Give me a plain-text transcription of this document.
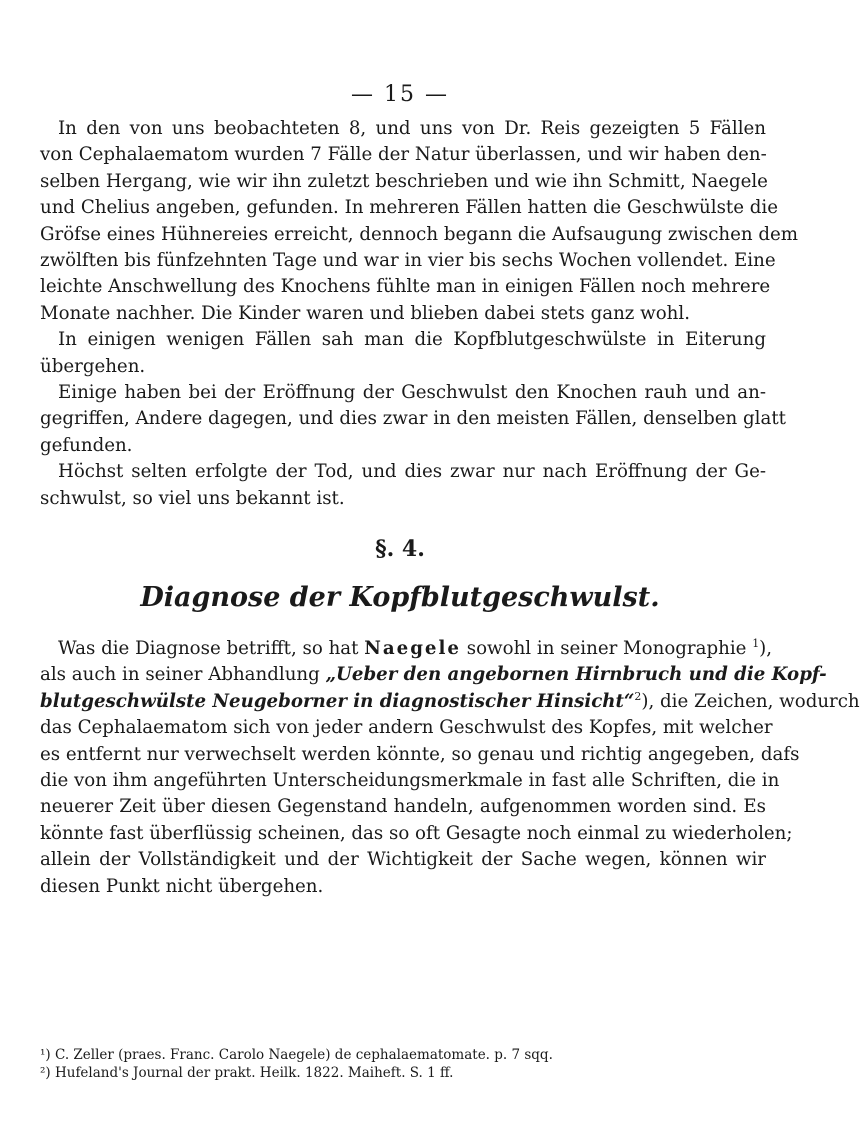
— 15 —
In den von uns beobachteten 8, und uns von Dr. Reis gezeigten 5 Fällen
von Cephalaematom wurden 7 Fälle der Natur überlassen, und wir haben den-
selben Hergang, wie wir ihn zuletzt beschrieben und wie ihn Schmitt, Naegele
und Chelius angeben, gefunden. In mehreren Fällen hatten die Geschwülste die
Gröfse eines Hühnereies erreicht, dennoch begann die Aufsaugung zwischen dem
zwölften bis fünfzehnten Tage und war in vier bis sechs Wochen vollendet. Eine
leichte Anschwellung des Knochens fühlte man in einigen Fällen noch mehrere
Monate nachher. Die Kinder waren und blieben dabei stets ganz wohl.
In einigen wenigen Fällen sah man die Kopfblutgeschwülste in Eiterung
übergehen.
Einige haben bei der Eröffnung der Geschwulst den Knochen rauh und an-
gegriffen, Andere dagegen, und dies zwar in den meisten Fällen, denselben glatt
gefunden.
Höchst selten erfolgte der Tod, und dies zwar nur nach Eröffnung der Ge-
schwulst, so viel uns bekannt ist.
§. 4.
Diagnose der Kopfblutgeschwulst.
Was die Diagnose betrifft, so hat Naegele sowohl in seiner Monographie $^1$),
als auch in seiner Abhandlung „Ueber den angebornen Hirnbruch und die Kopf-
blutgeschwülste Neugeborner in diagnostischer Hinsicht“$^2$), die Zeichen, wodurch
das Cephalaematom sich von jeder andern Geschwulst des Kopfes, mit welcher
es entfernt nur verwechselt werden könnte, so genau und richtig angegeben, dafs
die von ihm angeführten Unterscheidungsmerkmale in fast alle Schriften, die in
neuerer Zeit über diesen Gegenstand handeln, aufgenommen worden sind. Es
könnte fast überflüssig scheinen, das so oft Gesagte noch einmal zu wiederholen;
allein der Vollständigkeit und der Wichtigkeit der Sache wegen, können wir
diesen Punkt nicht übergehen.
¹) C. Zeller (praes. Franc. Carolo Naegele) de cephalaematomate. p. 7 sqq.
²) Hufeland's Journal der prakt. Heilk. 1822. Maiheft. S. 1 ff.
